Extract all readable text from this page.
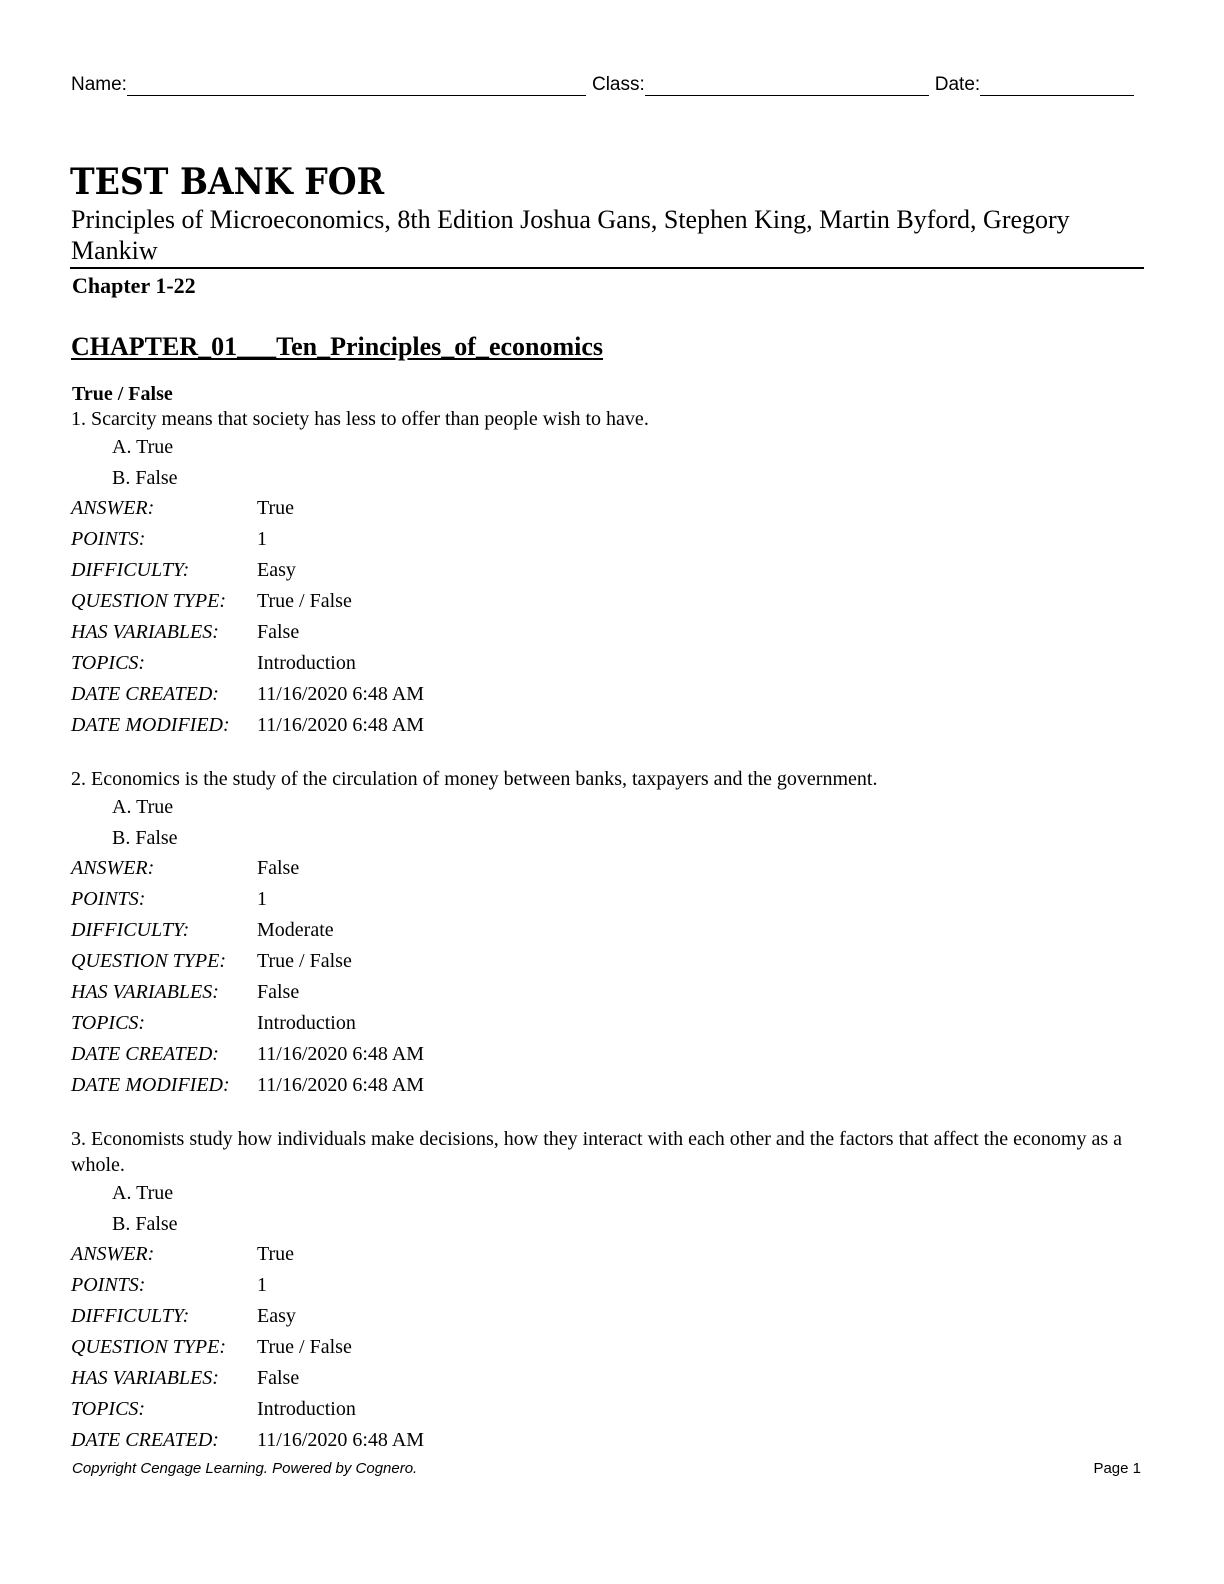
Name:	Class:	Date:
TEST BANK FOR
Principles of Microeconomics, 8th Edition Joshua Gans, Stephen King, Martin Byford, Gregory Mankiw
Chapter 1-22
CHAPTER_01___Ten_Principles_of_economics
True / False
1. Scarcity means that society has less to offer than people wish to have.
A. True
B. False
ANSWER:	True
POINTS:	1
DIFFICULTY:	Easy
QUESTION TYPE:	True / False
HAS VARIABLES:	False
TOPICS:	Introduction
DATE CREATED:	11/16/2020 6:48 AM
DATE MODIFIED:	11/16/2020 6:48 AM
2. Economics is the study of the circulation of money between banks, taxpayers and the government.
A. True
B. False
ANSWER:	False
POINTS:	1
DIFFICULTY:	Moderate
QUESTION TYPE:	True / False
HAS VARIABLES:	False
TOPICS:	Introduction
DATE CREATED:	11/16/2020 6:48 AM
DATE MODIFIED:	11/16/2020 6:48 AM
3. Economists study how individuals make decisions, how they interact with each other and the factors that affect the economy as a whole.
A. True
B. False
ANSWER:	True
POINTS:	1
DIFFICULTY:	Easy
QUESTION TYPE:	True / False
HAS VARIABLES:	False
TOPICS:	Introduction
DATE CREATED:	11/16/2020 6:48 AM
Copyright Cengage Learning. Powered by Cognero.	Page 1
